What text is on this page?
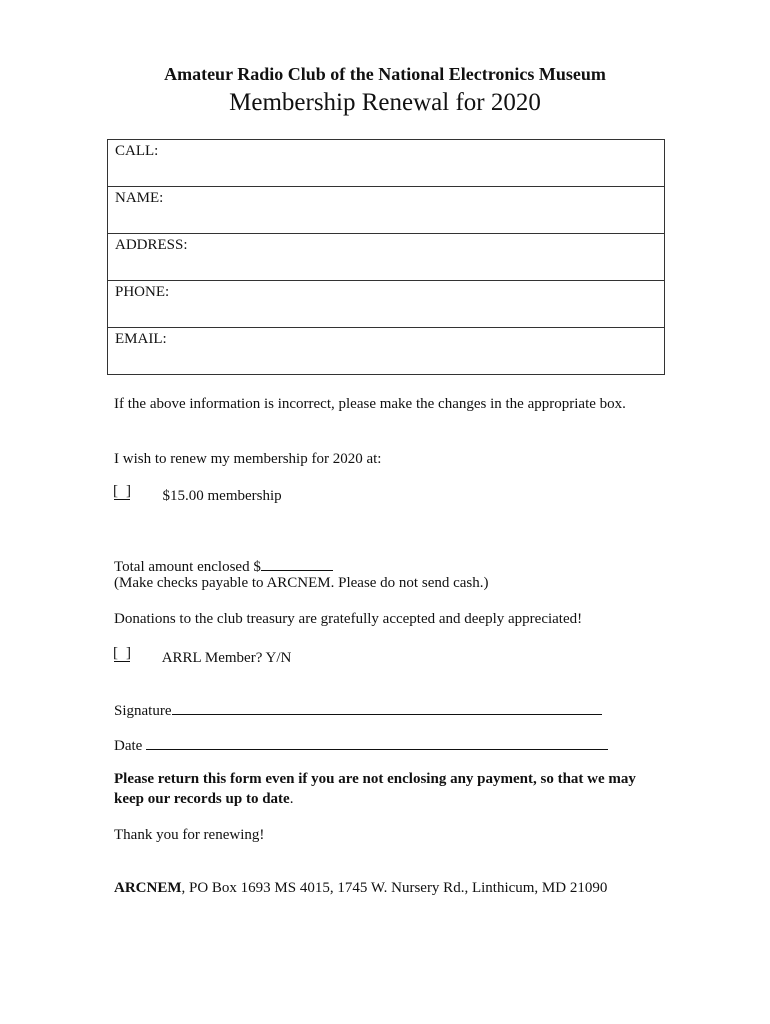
Amateur Radio Club of the National Electronics Museum
Membership Renewal for 2020
CALL:
NAME:
ADDRESS:
PHONE:
EMAIL:
If the above information is incorrect, please make the changes in the appropriate box.
I wish to renew my membership for 2020 at:
[ ]  $15.00 membership
Total amount enclosed $
(Make checks payable to ARCNEM. Please do not send cash.)
Donations to the club treasury are gratefully accepted and deeply appreciated!
[ ]  ARRL Member? Y/N
Signature
Date
Please return this form even if you are not enclosing any payment, so that we may
keep our records up to date.
Thank you for renewing!
ARCNEM, PO Box 1693 MS 4015, 1745 W. Nursery Rd., Linthicum, MD 21090
